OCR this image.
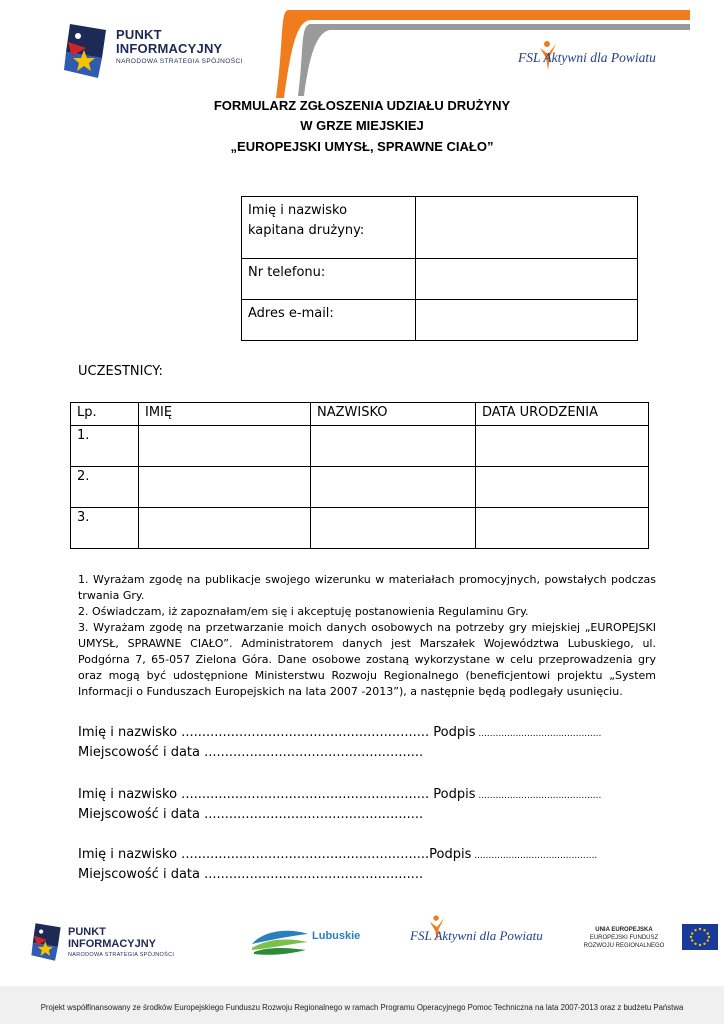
PUNKT
INFORMACYJNY
NARODOWA STRATEGIA SPÓJNOŚCI	FSL Aktywni dla Powiatu
FORMULARZ ZGŁOSZENIA UDZIAŁU DRUŻYNY
W GRZE MIEJSKIEJ
„EUROPEJSKI UMYSŁ, SPRAWNE CIAŁO”
Imię i nazwisko
kapitana drużyny:	

Nr telefonu:	
Adres e-mail:	
UCZESTNICY:
Lp.	IMIĘ	NAZWISKO	DATA URODZENIA
1.			
2.			
3.			

1. Wyrażam zgodę na publikacje swojego wizerunku w materiałach promocyjnych, powstałych podczas trwania Gry.

2. Oświadczam, iż zapoznałam/em się i akceptuję postanowienia Regulaminu Gry.

3. Wyrażam zgodę na przetwarzanie moich danych osobowych na potrzeby gry miejskiej „EUROPEJSKI UMYSŁ, SPRAWNE CIAŁO”. Administratorem danych jest Marszałek Województwa Lubuskiego, ul. Podgórna 7, 65-057 Zielona Góra. Dane osobowe zostaną wykorzystane w celu przeprowadzenia gry oraz mogą być udostępnione Ministerstwu Rozwoju Regionalnego (beneficjentowi projektu „System Informacji o Funduszach Europejskich na lata 2007 -2013”), a następnie będą podlegały usunięciu.

Imię i nazwisko ............................................................ Podpis ...........................................
Miejscowość i data .....................................................
Imię i nazwisko ............................................................ Podpis ...........................................
Miejscowość i data .....................................................
Imię i nazwisko ............................................................Podpis ...........................................
Miejscowość i data .....................................................
PUNKT
INFORMACYJNY
NARODOWA STRATEGIA SPÓJNOŚCI
Lubuskie	FSL Aktywni dla Powiatu	UNIA EUROPEJSKA
EUROPEJSKI FUNDUSZ
ROZWOJU REGIONALNEGO
Projekt współfinansowany ze środków Europejskiego Funduszu Rozwoju Regionalnego w ramach Programu Operacyjnego Pomoc Techniczna na lata 2007-2013 oraz z budżetu Państwa
